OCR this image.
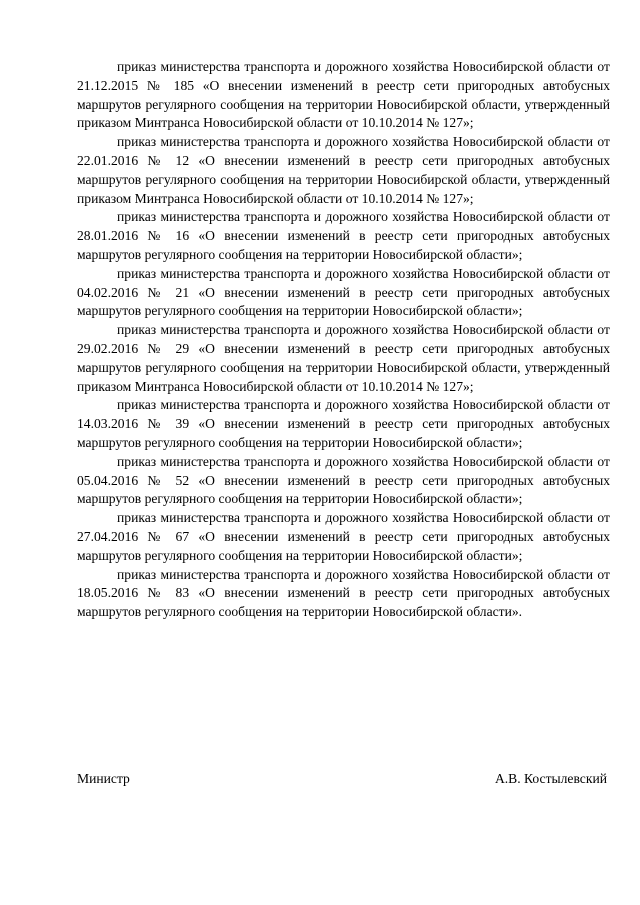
приказ министерства транспорта и дорожного хозяйства Новосибирской области от 21.12.2015 № 185 «О внесении изменений в реестр сети пригородных автобусных маршрутов регулярного сообщения на территории Новосибирской области, утвержденный приказом Минтранса Новосибирской области от 10.10.2014 № 127»;

приказ министерства транспорта и дорожного хозяйства Новосибирской области от 22.01.2016 № 12 «О внесении изменений в реестр сети пригородных автобусных маршрутов регулярного сообщения на территории Новосибирской области, утвержденный приказом Минтранса Новосибирской области от 10.10.2014 № 127»;

приказ министерства транспорта и дорожного хозяйства Новосибирской области от 28.01.2016 № 16 «О внесении изменений в реестр сети пригородных автобусных маршрутов регулярного сообщения на территории Новосибирской области»;

приказ министерства транспорта и дорожного хозяйства Новосибирской области от 04.02.2016 № 21 «О внесении изменений в реестр сети пригородных автобусных маршрутов регулярного сообщения на территории Новосибирской области»;

приказ министерства транспорта и дорожного хозяйства Новосибирской области от 29.02.2016 № 29 «О внесении изменений в реестр сети пригородных автобусных маршрутов регулярного сообщения на территории Новосибирской области, утвержденный приказом Минтранса Новосибирской области от 10.10.2014 № 127»;

приказ министерства транспорта и дорожного хозяйства Новосибирской области от 14.03.2016 № 39 «О внесении изменений в реестр сети пригородных автобусных маршрутов регулярного сообщения на территории Новосибирской области»;

приказ министерства транспорта и дорожного хозяйства Новосибирской области от 05.04.2016 № 52 «О внесении изменений в реестр сети пригородных автобусных маршрутов регулярного сообщения на территории Новосибирской области»;

приказ министерства транспорта и дорожного хозяйства Новосибирской области от 27.04.2016 № 67 «О внесении изменений в реестр сети пригородных автобусных маршрутов регулярного сообщения на территории Новосибирской области»;

приказ министерства транспорта и дорожного хозяйства Новосибирской области от 18.05.2016 № 83 «О внесении изменений в реестр сети пригородных автобусных маршрутов регулярного сообщения на территории Новосибирской области».

Министр	А.В. Костылевский
